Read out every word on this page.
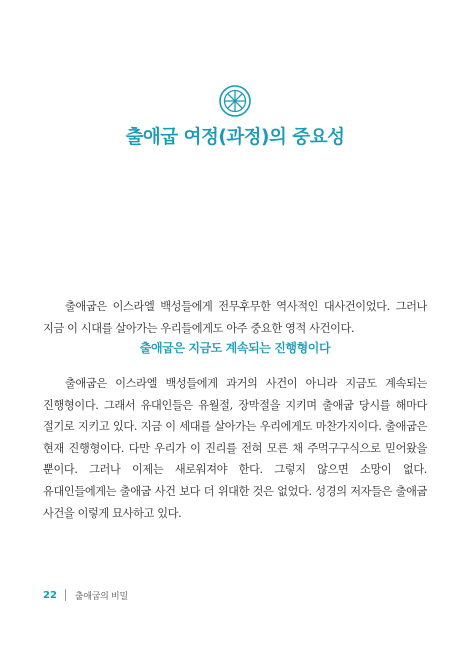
출애굽 여정(과정)의 중요성

출애굽은 이스라엘 백성들에게 전무후무한 역사적인 대사건이었다. 그러나 지금 이 시대를 살아가는 우리들에게도 아주 중요한 영적 사건이다.

출애굽은 지금도 계속되는 진행형이다

출애굽은 이스라엘 백성들에게 과거의 사건이 아니라 지금도 계속되는 진행형이다. 그래서 유대인들은 유월절, 장막절을 지키며 출애굽 당시를 해마다 절기로 지키고 있다. 지금 이 세대를 살아가는 우리에게도 마찬가지이다. 출애굽은 현재 진행형이다. 다만 우리가 이 진리를 전혀 모른 채 주먹구구식으로 믿어왔을 뿐이다. 그러나 이제는 새로워져야 한다. 그렇지 않으면 소망이 없다. 유대인들에게는 출애굽 사건 보다 더 위대한 것은 없었다. 성경의 저자들은 출애굽 사건을 이렇게 묘사하고 있다.

22 출애굽의 비밀
